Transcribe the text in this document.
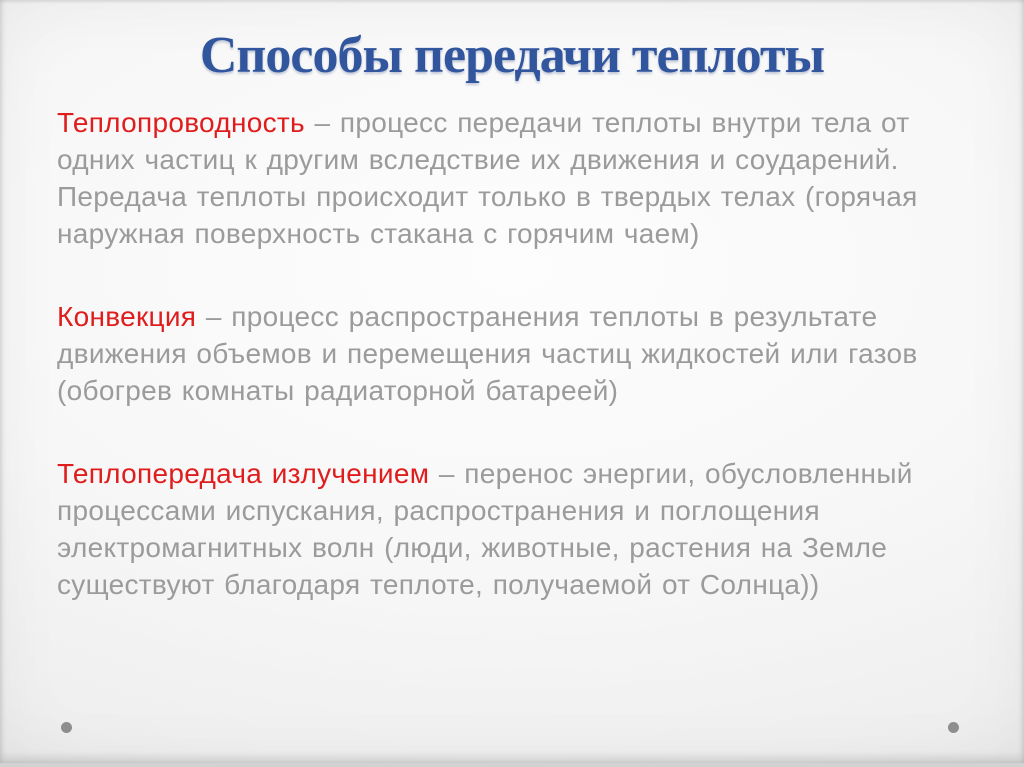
Способы передачи теплоты

Теплопроводность – процесс передачи теплоты внутри тела от одних частиц к другим вследствие их движения и соударений. Передача теплоты происходит только в твердых телах (горячая наружная поверхность стакана с горячим чаем)

Конвекция – процесс распространения теплоты в результате движения объемов и перемещения частиц жидкостей или газов (обогрев комнаты радиаторной батареей)

Теплопередача излучением – перенос энергии, обусловленный процессами испускания, распространения и поглощения электромагнитных волн (люди, животные, растения на Земле существуют благодаря теплоте, получаемой от Солнца))
